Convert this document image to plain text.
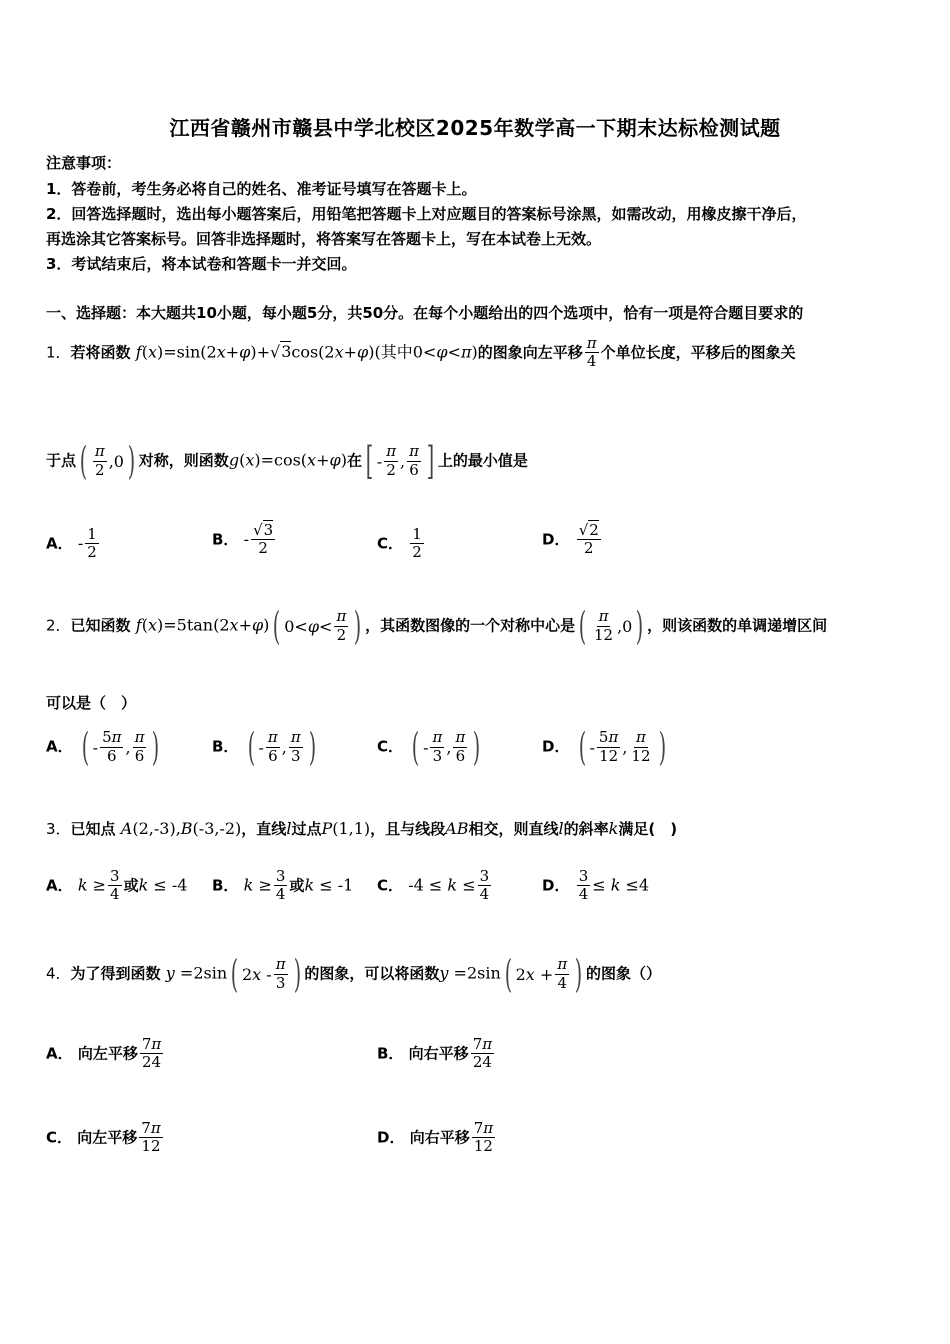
江西省赣州市赣县中学北校区2025年数学高一下期末达标检测试题
注意事项：
1．答卷前，考生务必将自己的姓名、准考证号填写在答题卡上。
2．回答选择题时，选出每小题答案后，用铅笔把答题卡上对应题目的答案标号涂黑，如需改动，用橡皮擦干净后，
再选涂其它答案标号。回答非选择题时，将答案写在答题卡上，写在本试卷上无效。
3．考试结束后，将本试卷和答题卡一并交回。
一、选择题：本大题共10小题，每小题5分，共50分。在每个小题给出的四个选项中，恰有一项是符合题目要求的
1．若将函数 f(x)=sin(2x+φ)+√3cos(2x+φ)(其中0<φ<π)的图象向左平移 $\frac{\pi}{4}$ 个单位长度，平移后的图象关
于点 ( $\frac{\pi}{2} ,0$ ) 对称，则函数g(x)=cos(x+φ)在 [ - $\frac{\pi}{2}$ , $\frac{\pi}{6}$ ] 上的最小值是
A． - $\frac{1}{2}$	B． - $\frac{√3}{2}$	C． $\frac{1}{2}$	D． $\frac{√2}{2}$
2．已知函数 f(x)=5tan(2x+φ) ( $0<\varphi< \frac{\pi}{2}$ ) ，其函数图像的一个对称中心是 ( $\frac{\pi}{12} ,0$ ) ，则该函数的单调递增区间
可以是（　）
A． ( - $\frac{5\pi}{6}$ , $\frac{\pi}{6}$ )	B． ( - $\frac{\pi}{6}$ , $\frac{\pi}{3}$ )	C． ( - $\frac{\pi}{3}$ , $\frac{\pi}{6}$ )	D． ( - $\frac{5\pi}{12}$ , $\frac{\pi}{12}$ )
3．已知点 A(2,-3),B(-3,-2)，直线l过点P(1,1)，且与线段AB相交，则直线l的斜率k满足(　)
A． $k \ge \frac{3}{4}$ 或k ≤ -4 B． $k \ge \frac{3}{4}$ 或k ≤ -1 C． $-4 \le k \le \frac{3}{4}$	D． $\frac{3}{4} \le k \le 4$
4．为了得到函数 y =2sin ( $2x - \frac{\pi}{3}$ ) 的图象，可以将函数y =2sin ( $2x + \frac{\pi}{4}$ ) 的图象（）
A． 向左平移 $\frac{7\pi}{24}$	B． 向右平移 $\frac{7\pi}{24}$
C． 向左平移 $\frac{7\pi}{12}$	D． 向右平移 $\frac{7\pi}{12}$
